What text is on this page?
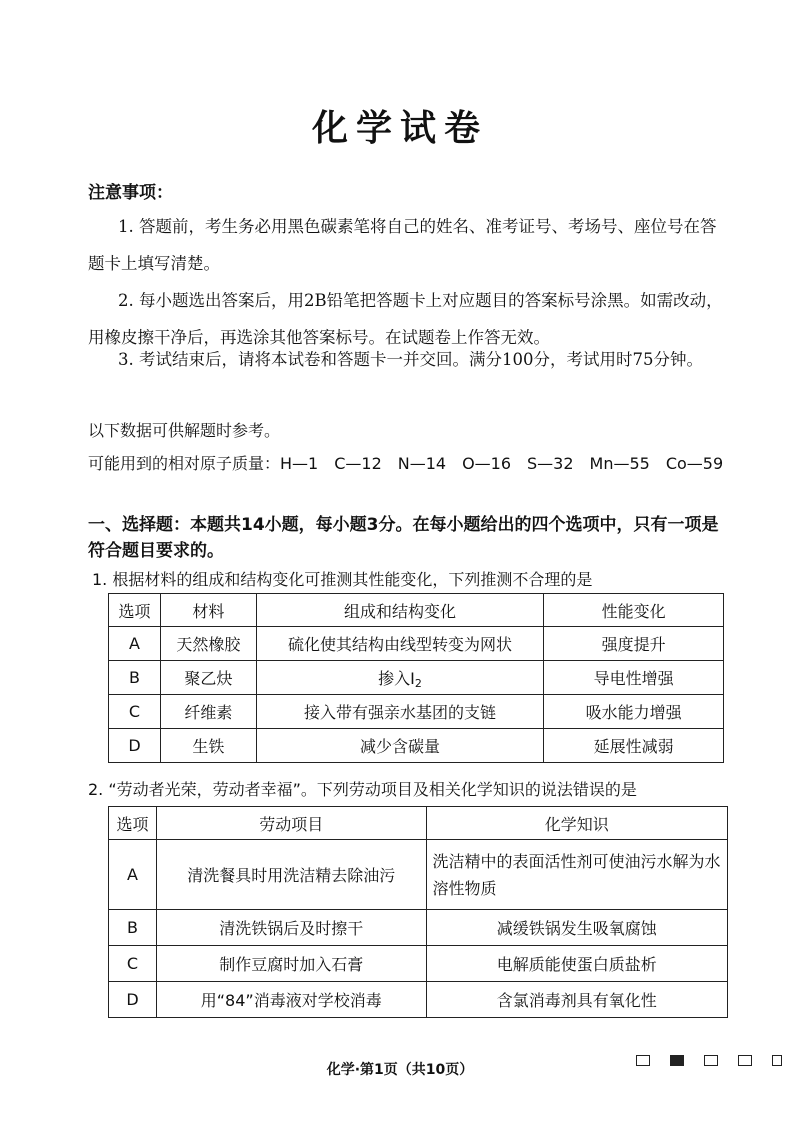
化学试卷
注意事项：
1. 答题前，考生务必用黑色碳素笔将自己的姓名、准考证号、考场号、座位号在答题卡上填写清楚。
2. 每小题选出答案后，用2B铅笔把答题卡上对应题目的答案标号涂黑。如需改动，用橡皮擦干净后，再选涂其他答案标号。在试题卷上作答无效。
3. 考试结束后，请将本试卷和答题卡一并交回。满分100分，考试用时75分钟。
以下数据可供解题时参考。
可能用到的相对原子质量：H—1　C—12　N—14　O—16　S—32　Mn—55　Co—59
一、选择题：本题共14小题，每小题3分。在每小题给出的四个选项中，只有一项是符合题目要求的。
1. 根据材料的组成和结构变化可推测其性能变化，下列推测不合理的是
选项	材料	组成和结构变化	性能变化
A	天然橡胶	硫化使其结构由线型转变为网状	强度提升
B	聚乙炔	掺入$I_2$	导电性增强
C	纤维素	接入带有强亲水基团的支链	吸水能力增强
D	生铁	减少含碳量	延展性减弱
2. “劳动者光荣，劳动者幸福”。下列劳动项目及相关化学知识的说法错误的是
选项	劳动项目	化学知识
A	清洗餐具时用洗洁精去除油污	洗洁精中的表面活性剂可使油污水解为水溶性物质
B	清洗铁锅后及时擦干	减缓铁锅发生吸氧腐蚀
C	制作豆腐时加入石膏	电解质能使蛋白质盐析
D	用“84”消毒液对学校消毒	含氯消毒剂具有氧化性
化学·第1页（共10页）
